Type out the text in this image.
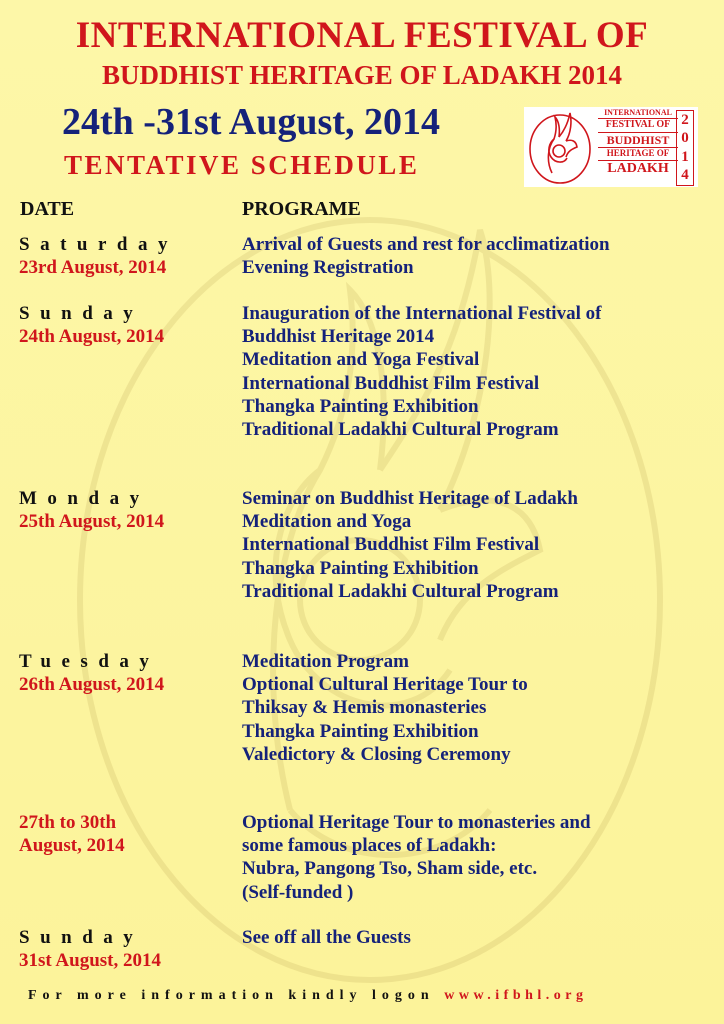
INTERNATIONAL FESTIVAL OF
BUDDHIST HERITAGE OF LADAKH 2014
24th -31st August, 2014
TENTATIVE SCHEDULE
INTERNATIONAL
FESTIVAL OF
BUDDHIST
HERITAGE OF
LADAKH
2
0
1
4
DATE	PROGRAME
Saturday
23rd August, 2014
Arrival of Guests and rest for acclimatization
Evening Registration
Sunday
24th August, 2014
Inauguration of the International Festival of
Buddhist Heritage 2014
Meditation and Yoga Festival
International Buddhist Film Festival
Thangka Painting Exhibition
Traditional Ladakhi Cultural Program
Monday
25th August, 2014
Seminar on Buddhist Heritage of Ladakh
Meditation and Yoga
International Buddhist Film Festival
Thangka Painting Exhibition
Traditional Ladakhi Cultural Program
Tuesday
26th August, 2014
Meditation Program
Optional Cultural Heritage Tour to
Thiksay & Hemis monasteries
Thangka Painting Exhibition
Valedictory & Closing Ceremony
27th to 30th
August, 2014
Optional Heritage Tour to monasteries and
some famous places of Ladakh:
Nubra, Pangong Tso, Sham side, etc.
(Self-funded )
Sunday
31st August, 2014
See off all the Guests
For more information kindly logon www.ifbhl.org
